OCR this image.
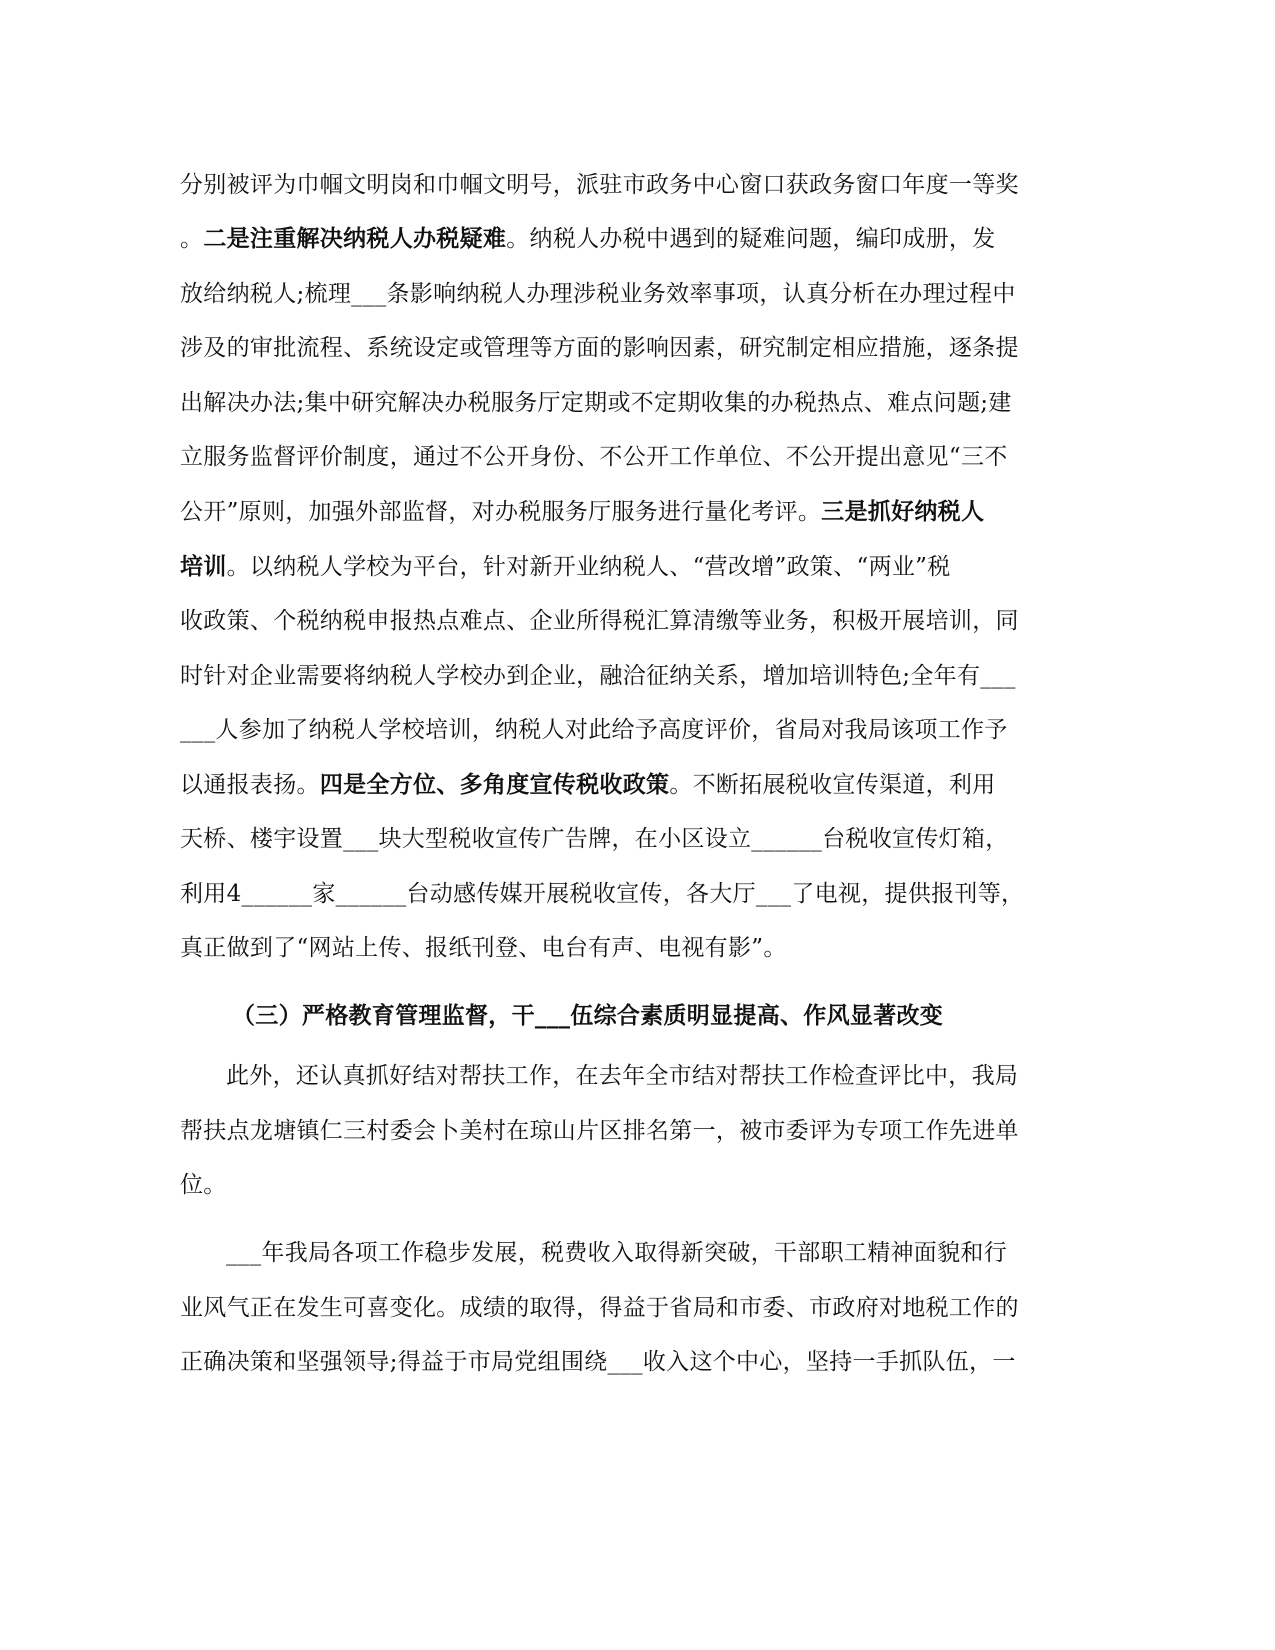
分别被评为巾帼文明岗和巾帼文明号，派驻市政务中心窗口获政务窗口年度一等奖
。二是注重解决纳税人办税疑难。纳税人办税中遇到的疑难问题，编印成册，发
放给纳税人;梳理___条影响纳税人办理涉税业务效率事项，认真分析在办理过程中
涉及的审批流程、系统设定或管理等方面的影响因素，研究制定相应措施，逐条提
出解决办法;集中研究解决办税服务厅定期或不定期收集的办税热点、难点问题;建
立服务监督评价制度，通过不公开身份、不公开工作单位、不公开提出意见“三不
公开”原则，加强外部监督，对办税服务厅服务进行量化考评。三是抓好纳税人
培训。以纳税人学校为平台，针对新开业纳税人、“营改增”政策、“两业”税
收政策、个税纳税申报热点难点、企业所得税汇算清缴等业务，积极开展培训，同
时针对企业需要将纳税人学校办到企业，融洽征纳关系，增加培训特色;全年有___
___人参加了纳税人学校培训，纳税人对此给予高度评价，省局对我局该项工作予
以通报表扬。四是全方位、多角度宣传税收政策。不断拓展税收宣传渠道，利用
天桥、楼宇设置___块大型税收宣传广告牌，在小区设立______台税收宣传灯箱，
利用4______家______台动感传媒开展税收宣传，各大厅___了电视，提供报刊等，
真正做到了“网站上传、报纸刊登、电台有声、电视有影”。
（三）严格教育管理监督，干___伍综合素质明显提高、作风显著改变
此外，还认真抓好结对帮扶工作，在去年全市结对帮扶工作检查评比中，我局
帮扶点龙塘镇仁三村委会卜美村在琼山片区排名第一，被市委评为专项工作先进单
位。
___年我局各项工作稳步发展，税费收入取得新突破，干部职工精神面貌和行
业风气正在发生可喜变化。成绩的取得，得益于省局和市委、市政府对地税工作的
正确决策和坚强领导;得益于市局党组围绕___收入这个中心，坚持一手抓队伍，一
